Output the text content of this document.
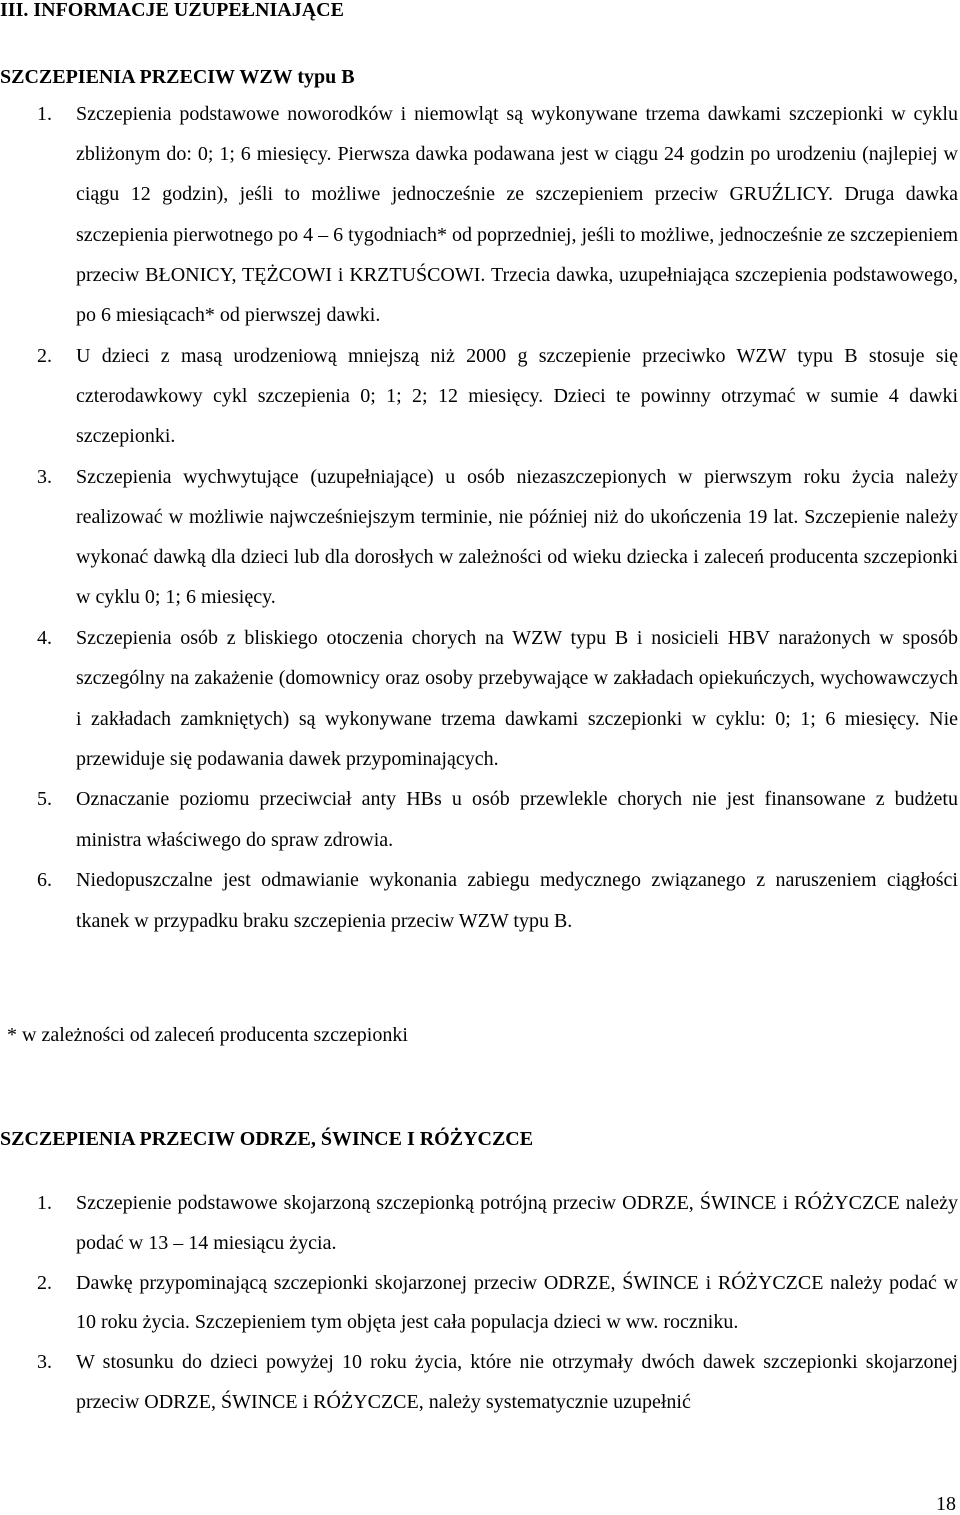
III. INFORMACJE UZUPEŁNIAJĄCE
SZCZEPIENIA PRZECIW WZW typu B
1. Szczepienia podstawowe noworodków i niemowląt są wykonywane trzema dawkami szczepionki w cyklu zbliżonym do: 0; 1; 6 miesięcy. Pierwsza dawka podawana jest w ciągu 24 godzin po urodzeniu (najlepiej w ciągu 12 godzin), jeśli to możliwe jednocześnie ze szczepieniem przeciw GRUŹLICY. Druga dawka szczepienia pierwotnego po 4 – 6 tygodniach* od poprzedniej, jeśli to możliwe, jednocześnie ze szczepieniem przeciw BŁONICY, TĘŻCOWI i KRZTUŚCOWI. Trzecia dawka, uzupełniająca szczepienia podstawowego, po 6 miesiącach* od pierwszej dawki.
2. U dzieci z masą urodzeniową mniejszą niż 2000 g szczepienie przeciwko WZW typu B stosuje się czterodawkowy cykl szczepienia 0; 1; 2; 12 miesięcy. Dzieci te powinny otrzymać w sumie 4 dawki szczepionki.
3. Szczepienia wychwytujące (uzupełniające) u osób niezaszczepionych w pierwszym roku życia należy realizować w możliwie najwcześniejszym terminie, nie później niż do ukończenia 19 lat. Szczepienie należy wykonać dawką dla dzieci lub dla dorosłych w zależności od wieku dziecka i zaleceń producenta szczepionki w cyklu 0; 1; 6 miesięcy.
4. Szczepienia osób z bliskiego otoczenia chorych na WZW typu B i nosicieli HBV narażonych w sposób szczególny na zakażenie (domownicy oraz osoby przebywające w zakładach opiekuńczych, wychowawczych i zakładach zamkniętych) są wykonywane trzema dawkami szczepionki w cyklu: 0; 1; 6 miesięcy. Nie przewiduje się podawania dawek przypominających.
5. Oznaczanie poziomu przeciwciał anty HBs u osób przewlekle chorych nie jest finansowane z budżetu ministra właściwego do spraw zdrowia.
6. Niedopuszczalne jest odmawianie wykonania zabiegu medycznego związanego z naruszeniem ciągłości tkanek w przypadku braku szczepienia przeciw WZW typu B.

* w zależności od zaleceń producenta szczepionki

SZCZEPIENIA PRZECIW ODRZE, ŚWINCE I RÓŻYCZCE
1. Szczepienie podstawowe skojarzoną szczepionką potrójną przeciw ODRZE, ŚWINCE i RÓŻYCZCE należy podać w 13 – 14 miesiącu życia.
2. Dawkę przypominającą szczepionki skojarzonej przeciw ODRZE, ŚWINCE i RÓŻYCZCE należy podać w 10 roku życia. Szczepieniem tym objęta jest cała populacja dzieci w ww. roczniku.
3. W stosunku do dzieci powyżej 10 roku życia, które nie otrzymały dwóch dawek szczepionki skojarzonej przeciw ODRZE, ŚWINCE i RÓŻYCZCE, należy systematycznie uzupełnić

18
